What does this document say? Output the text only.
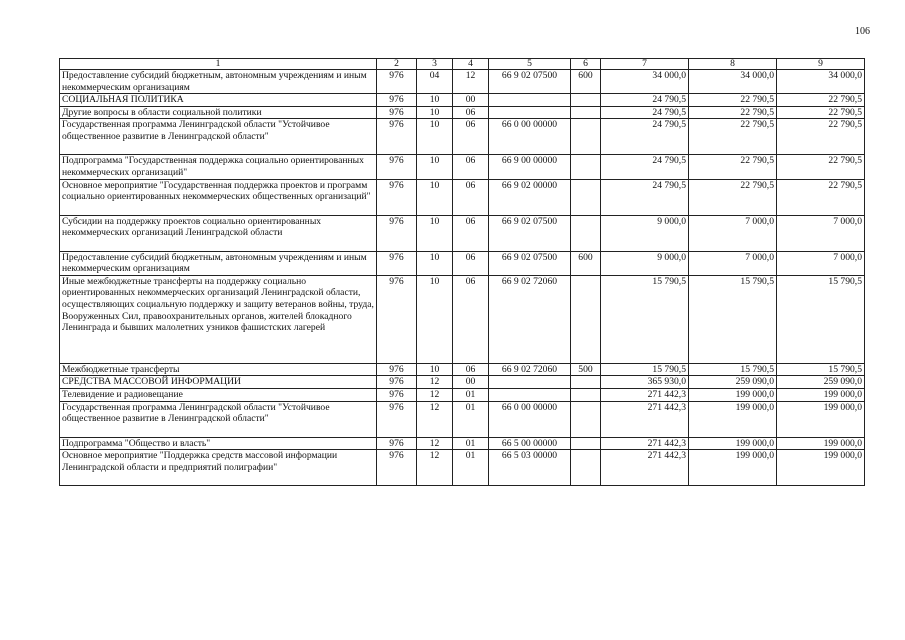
106
1	2	3	4	5	6	7	8	9
Предоставление субсидий бюджетным, автономным учреждениям и иным некоммерческим организациям	976	04	12	66 9 02 07500	600	34 000,0	34 000,0	34 000,0
СОЦИАЛЬНАЯ ПОЛИТИКА	976	10	00			24 790,5	22 790,5	22 790,5
Другие вопросы в области социальной политики	976	10	06			24 790,5	22 790,5	22 790,5
Государственная программа Ленинградской области "Устойчивое общественное развитие в Ленинградской области"	976	10	06	66 0 00 00000		24 790,5	22 790,5	22 790,5
Подпрограмма "Государственная поддержка социально ориентированных некоммерческих организаций"	976	10	06	66 9 00 00000		24 790,5	22 790,5	22 790,5
Основное мероприятие "Государственная поддержка проектов и программ социально ориентированных некоммерческих общественных организаций"	976	10	06	66 9 02 00000		24 790,5	22 790,5	22 790,5
Субсидии на поддержку проектов социально ориентированных некоммерческих организаций Ленинградской области	976	10	06	66 9 02 07500		9 000,0	7 000,0	7 000,0
Предоставление субсидий бюджетным, автономным учреждениям и иным некоммерческим организациям	976	10	06	66 9 02 07500	600	9 000,0	7 000,0	7 000,0
Иные межбюджетные трансферты на поддержку социально ориентированных некоммерческих организаций Ленинградской области, осуществляющих социальную поддержку и защиту ветеранов войны, труда, Вооруженных Сил, правоохранительных органов, жителей блокадного Ленинграда и бывших малолетних узников фашистских лагерей	976	10	06	66 9 02 72060		15 790,5	15 790,5	15 790,5
Межбюджетные трансферты	976	10	06	66 9 02 72060	500	15 790,5	15 790,5	15 790,5
СРЕДСТВА МАССОВОЙ ИНФОРМАЦИИ	976	12	00			365 930,0	259 090,0	259 090,0
Телевидение и радиовещание	976	12	01			271 442,3	199 000,0	199 000,0
Государственная программа Ленинградской области "Устойчивое общественное развитие в Ленинградской области"	976	12	01	66 0 00 00000		271 442,3	199 000,0	199 000,0
Подпрограмма "Общество и власть"	976	12	01	66 5 00 00000		271 442,3	199 000,0	199 000,0
Основное мероприятие "Поддержка средств массовой информации Ленинградской области и предприятий полиграфии"	976	12	01	66 5 03 00000		271 442,3	199 000,0	199 000,0
